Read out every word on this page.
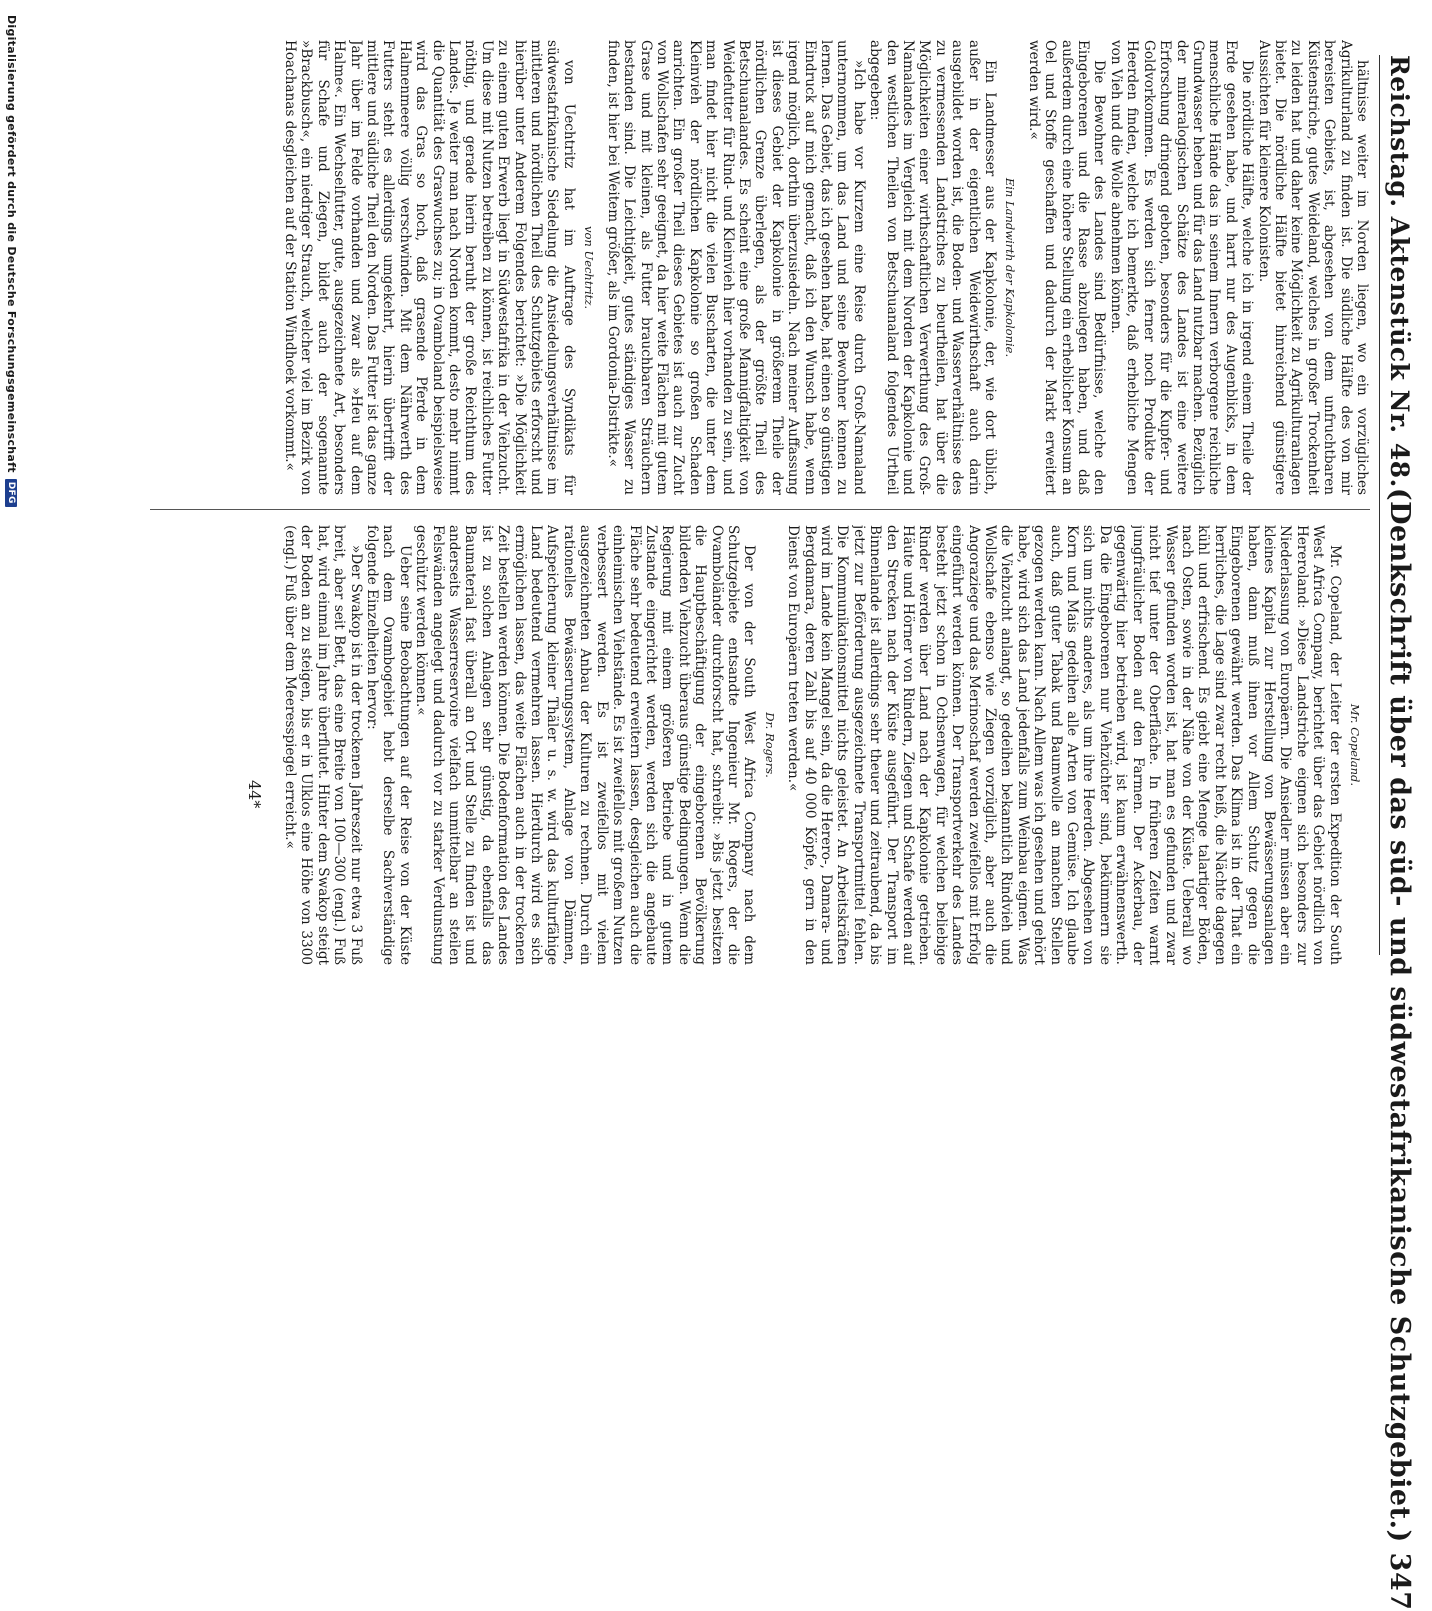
Reichstag. Aktenstück Nr. 48.
(Denkschrift über das süd- und südwestafrikanische Schutzgebiet.) 347

hältnisse weiter im Norden liegen, wo ein vorzügliches Agrikulturland zu finden ist. Die südliche Hälfte des von mir bereisten Gebiets, ist, abgesehen von dem unfruchtbaren Küstenstriche, gutes Weideland, welches in großer Trockenheit zu leiden hat und daher keine Möglichkeit zu Agrikulturanlagen bietet. Die nördliche Hälfte bietet hinreichend günstigere Aussichten für kleinere Kolonisten.

Die nördliche Hälfte, welche ich in irgend einem Theile der Erde gesehen habe, und harrt nur des Augenblicks, in dem menschliche Hände das in seinem Innern verborgene reichliche Grundwasser heben und für das Land nutzbar machen. Bezüglich der mineralogischen Schätze des Landes ist eine weitere Erforschung dringend geboten, besonders für die Kupfer- und Goldvorkommen. Es werden sich ferner noch Produkte der Heerden finden, welche ich bemerkte, daß erhebliche Mengen von Vieh und die Wolle abnehmen können.

Die Bewohner des Landes sind Bedürfnisse, welche den Eingeborenen und die Rasse abzulegen haben, und daß außerdem durch eine höhere Stellung ein erheblicher Konsum an Oel und Stoffe geschaffen und dadurch der Markt erweitert werden wird.«

Ein Landwirth der Kapkolonie.

Ein Landmesser aus der Kapkolonie, der, wie dort üblich, außer in der eigentlichen Weidewirthschaft auch darin ausgebildet worden ist, die Boden- und Wasserverhältnisse des zu vermessenden Landstriches zu beurtheilen, hat über die Möglichkeiten einer wirthschaftlichen Verwerthung des Groß-Namalandes im Vergleich mit dem Norden der Kapkolonie und den westlichen Theilen von Betschuanaland folgendes Urtheil abgegeben:

»Ich habe vor Kurzem eine Reise durch Groß-Namaland unternommen, um das Land und seine Bewohner kennen zu lernen. Das Gebiet, das ich gesehen habe, hat einen so günstigen Eindruck auf mich gemacht, daß ich den Wunsch habe, wenn irgend möglich, dorthin überzusiedeln. Nach meiner Auffassung ist dieses Gebiet der Kapkolonie in größerem Theile der nördlichen Grenze überlegen, als der größte Theil des Betschuanalandes. Es scheint eine große Mannigfaltigkeit von Weidefutter für Rind- und Kleinvieh hier vorhanden zu sein, und man findet hier nicht die vielen Buscharten, die unter dem Kleinvieh der nördlichen Kapkolonie so großen Schaden anrichten. Ein großer Theil dieses Gebietes ist auch zur Zucht von Wollschafen sehr geeignet, da hier weite Flächen mit gutem Grase und mit kleinen, als Futter brauchbaren Sträuchern bestanden sind. Die Leichtigkeit, gutes ständiges Wasser zu finden, ist hier bei Weitem größer, als im Gordonia-Distrikte.«

von Uechtritz.

von Uechtritz hat im Auftrage des Syndikats für südwestafrikanische Siedelung die Ansiedelungsverhältnisse im mittleren und nördlichen Theil des Schutzgebiets erforscht und hierüber unter Anderem Folgendes berichtet: »Die Möglichkeit zu einem guten Erwerb liegt in Südwestafrika in der Viehzucht. Um diese mit Nutzen betreiben zu können, ist reichliches Futter nöthig, und gerade hierin beruht der große Reichthum des Landes. Je weiter man nach Norden kommt, desto mehr nimmt die Quantität des Graswuchses zu; in Ovamboland beispielsweise wird das Gras so hoch, daß grasende Pferde in dem Halmenmeere völlig verschwinden. Mit dem Nährwerth des Futters steht es allerdings umgekehrt, hierin übertrifft der mittlere und südliche Theil den Norden. Das Futter ist das ganze Jahr über im Felde vorhanden und zwar als »Heu auf dem Halme«. Ein Wechselfutter, gute, ausgezeichnete Art, besonders für Schafe und Ziegen, bildet auch der sogenannte »Brackbusch«, ein niedriger Strauch, welcher viel im Bezirk von Hoachanas desgleichen auf der Station Windhoek vorkommt.«

Mr. Copeland.

Mr. Copeland, der Leiter der ersten Expedition der South West Africa Company, berichtet über das Gebiet nördlich von Hereroland: »Diese Landstriche eignen sich besonders zur Niederlassung von Europäern. Die Ansiedler müssen aber ein kleines Kapital zur Herstellung von Bewässerungsanlagen haben, dann muß ihnen vor Allem Schutz gegen die Eingeborenen gewährt werden. Das Klima ist in der That ein herrliches, die Lage sind zwar recht heiß, die Nächte dagegen kühl und erfrischend. Es giebt eine Menge talartiger Böden, nach Osten, sowie in der Nähe von der Küste. Ueberall wo Wasser gefunden worden ist, hat man es gefunden und zwar nicht tief unter der Oberfläche. In früheren Zeiten warnt jungfräulicher Boden auf den Farmen. Der Ackerbau, der gegenwärtig hier betrieben wird, ist kaum erwähnenswerth. Da die Eingeborenen nur Viehzüchter sind, bekümmern sie sich um nichts anderes, als um ihre Heerden. Abgesehen von Korn und Mais gedeihen alle Arten von Gemüse. Ich glaube auch, daß guter Tabak und Baumwolle an manchen Stellen gezogen werden kann. Nach Allem was ich gesehen und gehört habe, wird sich das Land jedenfalls zum Weinbau eignen. Was die Viehzucht anlangt, so gedeihen bekanntlich Rindvieh und Wollschafe ebenso wie Ziegen vorzüglich, aber auch die Angoraziege und das Merinoschaf werden zweifellos mit Erfolg eingeführt werden können. Der Transportverkehr des Landes besteht jetzt schon in Ochsenwagen, für welchen beliebige Rinder werden über Land nach der Kapkolonie getrieben. Häute und Hörner von Rindern, Ziegen und Schafe werden auf den Strecken nach der Küste ausgeführt. Der Transport im Binnenlande ist allerdings sehr theuer und zeitraubend, da bis jetzt zur Beförderung ausgezeichnete Transportmittel fehlen. Die Kommunikationsmittel nichts geleistet. An Arbeitskräften wird im Lande kein Mangel sein, da die Herero-, Damara- und Bergdamara, deren Zahl bis auf 40 000 Köpfe, gern in den Dienst von Europäern treten werden.«

Dr. Rogers.

Der von der South West Africa Company nach dem Schutzgebiete entsandte Ingenieur Mr. Rogers, der die Ovamboländer durchforscht hat, schreibt: »Bis jetzt besitzen die Hauptbeschäftigung der eingeborenen Bevölkerung bildenden Viehzucht überaus günstige Bedingungen. Wenn die Regierung mit einem größeren Betriebe und in gutem Zustande eingerichtet werden, werden sich die angebaute Fläche sehr bedeutend erweitern lassen, desgleichen auch die einheimischen Viehstände. Es ist zweifellos mit großem Nutzen verbessert werden. Es ist zweifellos mit vielem ausgezeichneten Anbau der Kulturen zu rechnen. Durch ein rationelles Bewässerungssystem, Anlage von Dämmen, Aufspeicherung kleiner Thäler u. s. w. wird das kulturfähige Land bedeutend vermehren lassen. Hierdurch wird es sich ermöglichen lassen, das weite Flächen auch in der trockenen Zeit bestellen werden können. Die Bodenformation des Landes ist zu solchen Anlagen sehr günstig, da ebenfalls das Baumaterial fast überall an Ort und Stelle zu finden ist und anderseits Wasserreservoire vielfach unmittelbar an steilen Felswänden angelegt und dadurch vor zu starker Verdunstung geschützt werden können.«

Ueber seine Beobachtungen auf der Reise von der Küste nach dem Ovambogebiet hebt derselbe Sachverständige folgende Einzelheiten hervor:

»Der Swakop ist in der trockenen Jahreszeit nur etwa 3 Fuß breit, aber seit Bett, das eine Breite von 100—300 (engl.) Fuß hat, wird einmal im Jahre überflutet. Hinter dem Swakop steigt der Boden an zu steigen, bis er in Ulklos eine Höhe von 3300 (engl.) Fuß über dem Meeresspiegel erreicht.«

44*
Digitalisierung gefördert durch die Deutsche Forschungsgemeinschaft
DFG
